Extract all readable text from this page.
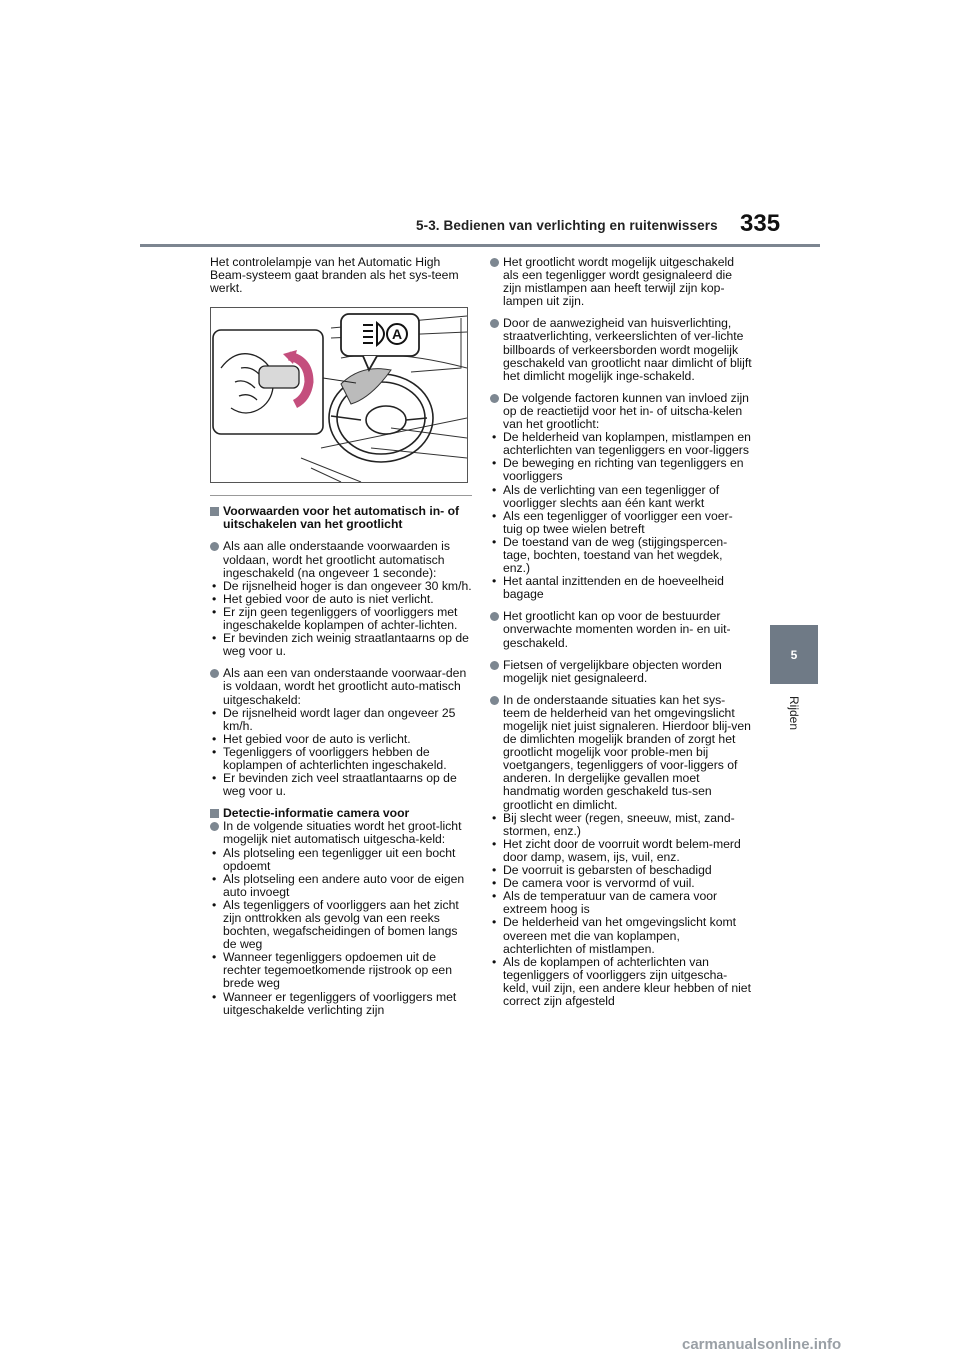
5-3. Bedienen van verlichting en ruitenwissers 335
5
Rijden

Het controlelampje van het Automatic High Beam-systeem gaat branden als het sys-teem werkt.

A

Voorwaarden voor het automatisch in- of uitschakelen van het grootlicht

Als aan alle onderstaande voorwaarden is voldaan, wordt het grootlicht automatisch ingeschakeld (na ongeveer 1 seconde):

• De rijsnelheid hoger is dan ongeveer 30 km/h.

• Het gebied voor de auto is niet verlicht.

• Er zijn geen tegenliggers of voorliggers met ingeschakelde koplampen of achter-lichten.

• Er bevinden zich weinig straatlantaarns op de weg voor u.

Als aan een van onderstaande voorwaar-den is voldaan, wordt het grootlicht auto-matisch uitgeschakeld:

• De rijsnelheid wordt lager dan ongeveer 25 km/h.

• Het gebied voor de auto is verlicht.

• Tegenliggers of voorliggers hebben de koplampen of achterlichten ingeschakeld.

• Er bevinden zich veel straatlantaarns op de weg voor u.

Detectie-informatie camera voor

In de volgende situaties wordt het groot-licht mogelijk niet automatisch uitgescha-keld:

• Als plotseling een tegenligger uit een bocht opdoemt

• Als plotseling een andere auto voor de eigen auto invoegt

• Als tegenliggers of voorliggers aan het zicht zijn onttrokken als gevolg van een reeks bochten, wegafscheidingen of bomen langs de weg

• Wanneer tegenliggers opdoemen uit de rechter tegemoetkomende rijstrook op een brede weg

• Wanneer er tegenliggers of voorliggers met uitgeschakelde verlichting zijn

Het grootlicht wordt mogelijk uitgeschakeld als een tegenligger wordt gesignaleerd die zijn mistlampen aan heeft terwijl zijn kop-lampen uit zijn.

Door de aanwezigheid van huisverlichting, straatverlichting, verkeerslichten of ver-lichte billboards of verkeersborden wordt mogelijk geschakeld van grootlicht naar dimlicht of blijft het dimlicht mogelijk inge-schakeld.

De volgende factoren kunnen van invloed zijn op de reactietijd voor het in- of uitscha-kelen van het grootlicht:

• De helderheid van koplampen, mistlampen en achterlichten van tegenliggers en voor-liggers

• De beweging en richting van tegenliggers en voorliggers

• Als de verlichting van een tegenligger of voorligger slechts aan één kant werkt

• Als een tegenligger of voorligger een voer-tuig op twee wielen betreft

• De toestand van de weg (stijgingspercen-tage, bochten, toestand van het wegdek, enz.)

• Het aantal inzittenden en de hoeveelheid bagage

Het grootlicht kan op voor de bestuurder onverwachte momenten worden in- en uit-geschakeld.

Fietsen of vergelijkbare objecten worden mogelijk niet gesignaleerd.

In de onderstaande situaties kan het sys-teem de helderheid van het omgevingslicht mogelijk niet juist signaleren. Hierdoor blij-ven de dimlichten mogelijk branden of zorgt het grootlicht mogelijk voor proble-men bij voetgangers, tegenliggers of voor-liggers of anderen. In dergelijke gevallen moet handmatig worden geschakeld tus-sen grootlicht en dimlicht.

• Bij slecht weer (regen, sneeuw, mist, zand-stormen, enz.)

• Het zicht door de voorruit wordt belem-merd door damp, wasem, ijs, vuil, enz.

• De voorruit is gebarsten of beschadigd

• De camera voor is vervormd of vuil.

• Als de temperatuur van de camera voor extreem hoog is

• De helderheid van het omgevingslicht komt overeen met die van koplampen, achterlichten of mistlampen.

• Als de koplampen of achterlichten van tegenliggers of voorliggers zijn uitgescha-keld, vuil zijn, een andere kleur hebben of niet correct zijn afgesteld

carmanualsonline.info
